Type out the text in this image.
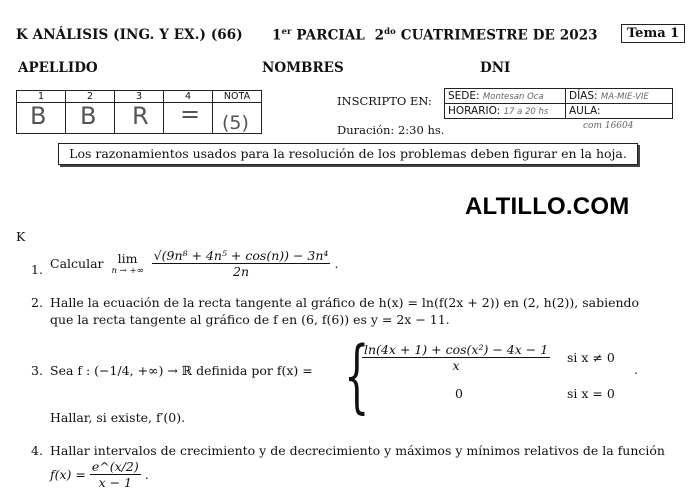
K ANÁLISIS (ING. Y EX.) (66) 1er PARCIAL $2^{do}$ CUATRIMESTRE DE 2023	Tema 1
APELLIDO	NOMBRES	DNI
1	2	3	4	NOTA

B B R = (5)
INSCRIPTO EN:
Duración: 2:30 hs.
SEDE: Montesan Oca	DÍAS: MA-MIE-VIE
HORARIO: 17 a 20 hs	AULA:
com 16604
Los razonamientos usados para la resolución de los problemas deben figurar en la hoja.
ALTILLO.COM
K
1. Calcular	lim
n → +∞
$\frac{\text{√(9n⁸ + 4n⁵ + cos(n)) − 3n⁴}}{2n}$ .
2. Halle la ecuación de la recta tangente al gráfico de h(x) = ln(f(2x + 2)) en (2, h(2)), sabiendo
que la recta tangente al gráfico de f en (6, f(6)) es y = 2x − 11.
3. Sea f : (−1/4, +∞) → ℝ definida por f(x) = {
$\frac{\text{ln(4x + 1) + cos(x²) − 4x − 1}}{x}$ si x ≠ 0
.
0	si x = 0
Hallar, si existe, f′(0).
4. Hallar intervalos de crecimiento y de decrecimiento y máximos y mínimos relativos de la función
$f(x) = \frac{e\^{}(x/2)}{x - 1}$ .
